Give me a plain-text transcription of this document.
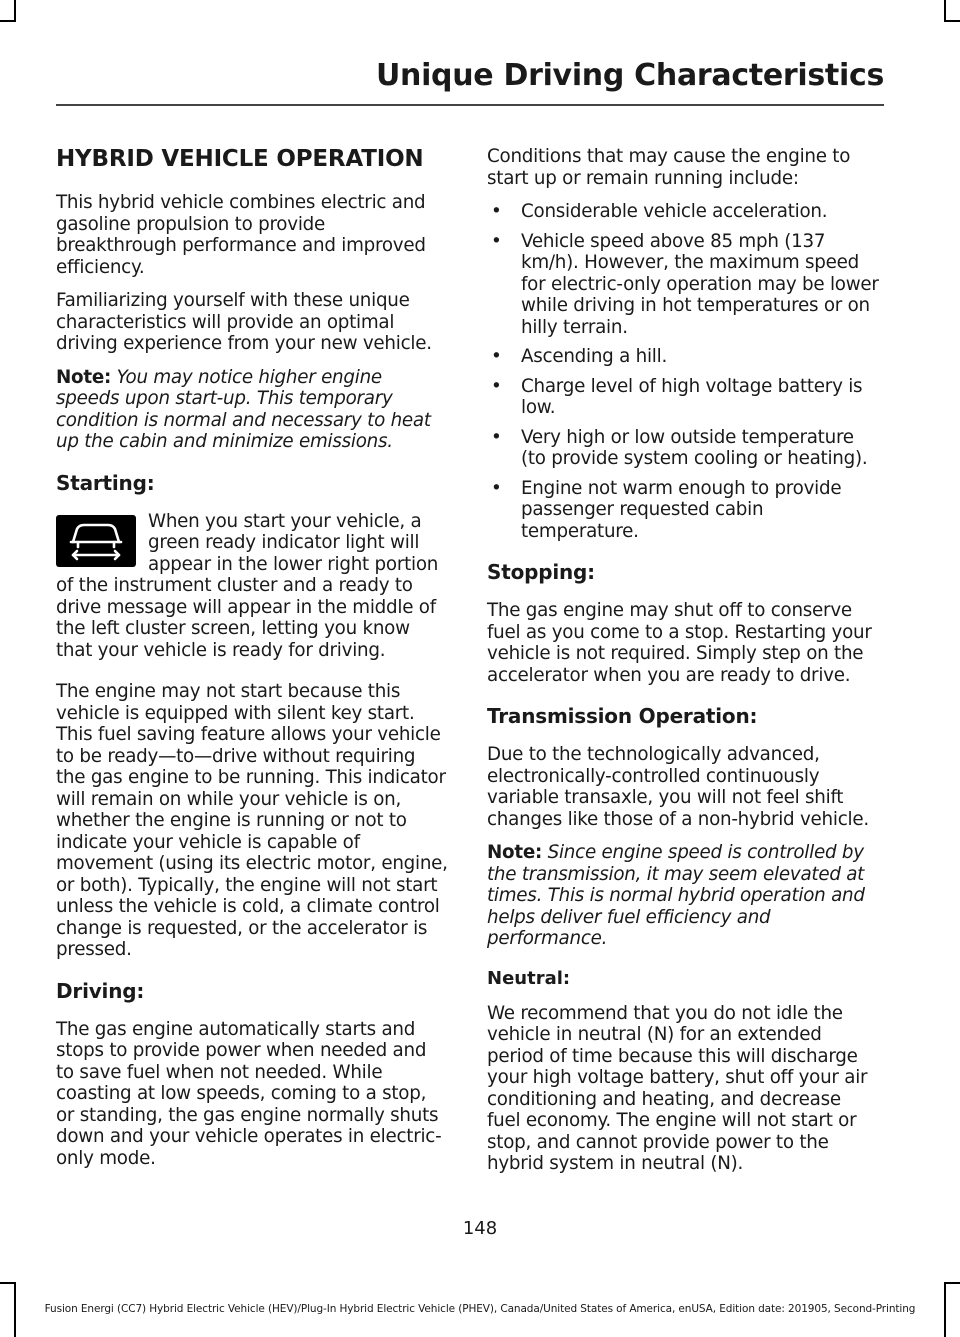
Unique Driving Characteristics
HYBRID VEHICLE OPERATION

This hybrid vehicle combines electric and gasoline propulsion to provide breakthrough performance and improved efficiency.

Familiarizing yourself with these unique characteristics will provide an optimal driving experience from your new vehicle.

Note: You may notice higher engine speeds upon start-up. This temporary condition is normal and necessary to heat up the cabin and minimize emissions.

Starting:

When you start your vehicle, a green ready indicator light will appear in the lower right portion of the instrument cluster and a ready to drive message will appear in the middle of the left cluster screen, letting you know that your vehicle is ready for driving.

The engine may not start because this vehicle is equipped with silent key start. This fuel saving feature allows your vehicle to be ready—to—drive without requiring the gas engine to be running. This indicator will remain on while your vehicle is on, whether the engine is running or not to indicate your vehicle is capable of movement (using its electric motor, engine, or both). Typically, the engine will not start unless the vehicle is cold, a climate control change is requested, or the accelerator is pressed.

Driving:

The gas engine automatically starts and stops to provide power when needed and to save fuel when not needed. While coasting at low speeds, coming to a stop, or standing, the gas engine normally shuts down and your vehicle operates in electric-only mode.

Conditions that may cause the engine to start up or remain running include:

• Considerable vehicle acceleration.
• Vehicle speed above 85 mph (137 km/h). However, the maximum speed for electric-only operation may be lower while driving in hot temperatures or on hilly terrain.
• Ascending a hill.
• Charge level of high voltage battery is low.
• Very high or low outside temperature (to provide system cooling or heating).
• Engine not warm enough to provide passenger requested cabin temperature.
Stopping:

The gas engine may shut off to conserve fuel as you come to a stop. Restarting your vehicle is not required. Simply step on the accelerator when you are ready to drive.

Transmission Operation:

Due to the technologically advanced, electronically-controlled continuously variable transaxle, you will not feel shift changes like those of a non-hybrid vehicle.

Note: Since engine speed is controlled by the transmission, it may seem elevated at times. This is normal hybrid operation and helps deliver fuel efficiency and performance.

Neutral:

We recommend that you do not idle the vehicle in neutral (N) for an extended period of time because this will discharge your high voltage battery, shut off your air conditioning and heating, and decrease fuel economy. The engine will not start or stop, and cannot provide power to the hybrid system in neutral (N).

148
Fusion Energi (CC7) Hybrid Electric Vehicle (HEV)/Plug-In Hybrid Electric Vehicle (PHEV), Canada/United States of America, enUSA, Edition date: 201905, Second-Printing
